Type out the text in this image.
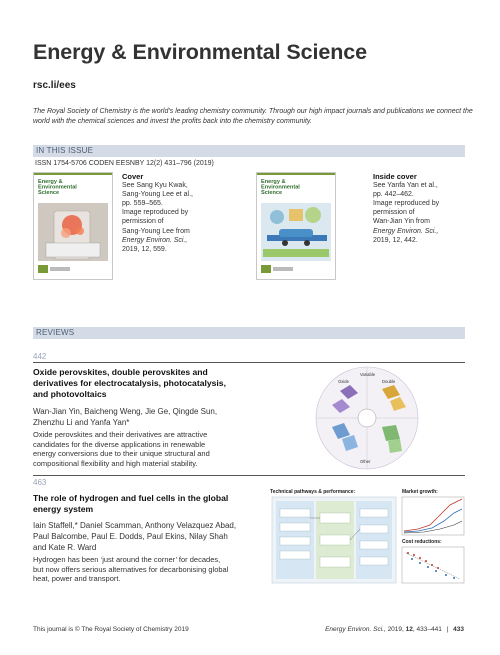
Energy & Environmental Science
rsc.li/ees
The Royal Society of Chemistry is the world’s leading chemistry community. Through our high impact journals and publications we connect the world with the chemical sciences and invest the profits back into the chemistry community.
IN THIS ISSUE
ISSN 1754-5706 CODEN EESNBY 12(2) 431–796 (2019)
Energy & Environmental Science
Cover
See Sang Kyu Kwak,
Sang-Young Lee et al.,
pp. 559–565.
Image reproduced by
permission of
Sang-Young Lee from
Energy Environ. Sci.,
2019, 12, 559.
Energy & Environmental Science
Inside cover
See Yanfa Yan et al.,
pp. 442–462.
Image reproduced by
permission of
Wan-Jian Yin from
Energy Environ. Sci.,
2019, 12, 442.
REVIEWS
442
Oxide perovskites, double perovskites and
derivatives for electrocatalysis, photocatalysis,
and photovoltaics
Wan-Jian Yin, Baicheng Weng, Jie Ge, Qingde Sun,
Zhenzhu Li and Yanfa Yan*
Oxide perovskites and their derivatives are attractive
candidates for the diverse applications in renewable
energy conversions due to their unique structural and
compositional flexibility and high material stability.
Variable
Oxide	Double
Other
463
The role of hydrogen and fuel cells in the global
energy system
Iain Staffell,* Daniel Scamman, Anthony Velazquez Abad,
Paul Balcombe, Paul E. Dodds, Paul Ekins, Nilay Shah
and Kate R. Ward
Hydrogen has been ‘just around the corner’ for decades,
but now offers serious alternatives for decarbonising global
heat, power and transport.
Technical pathways & performance:	Market growth:
Cost reductions:
This journal is © The Royal Society of Chemistry 2019	Energy Environ. Sci., 2019, 12, 433–441 | 433
